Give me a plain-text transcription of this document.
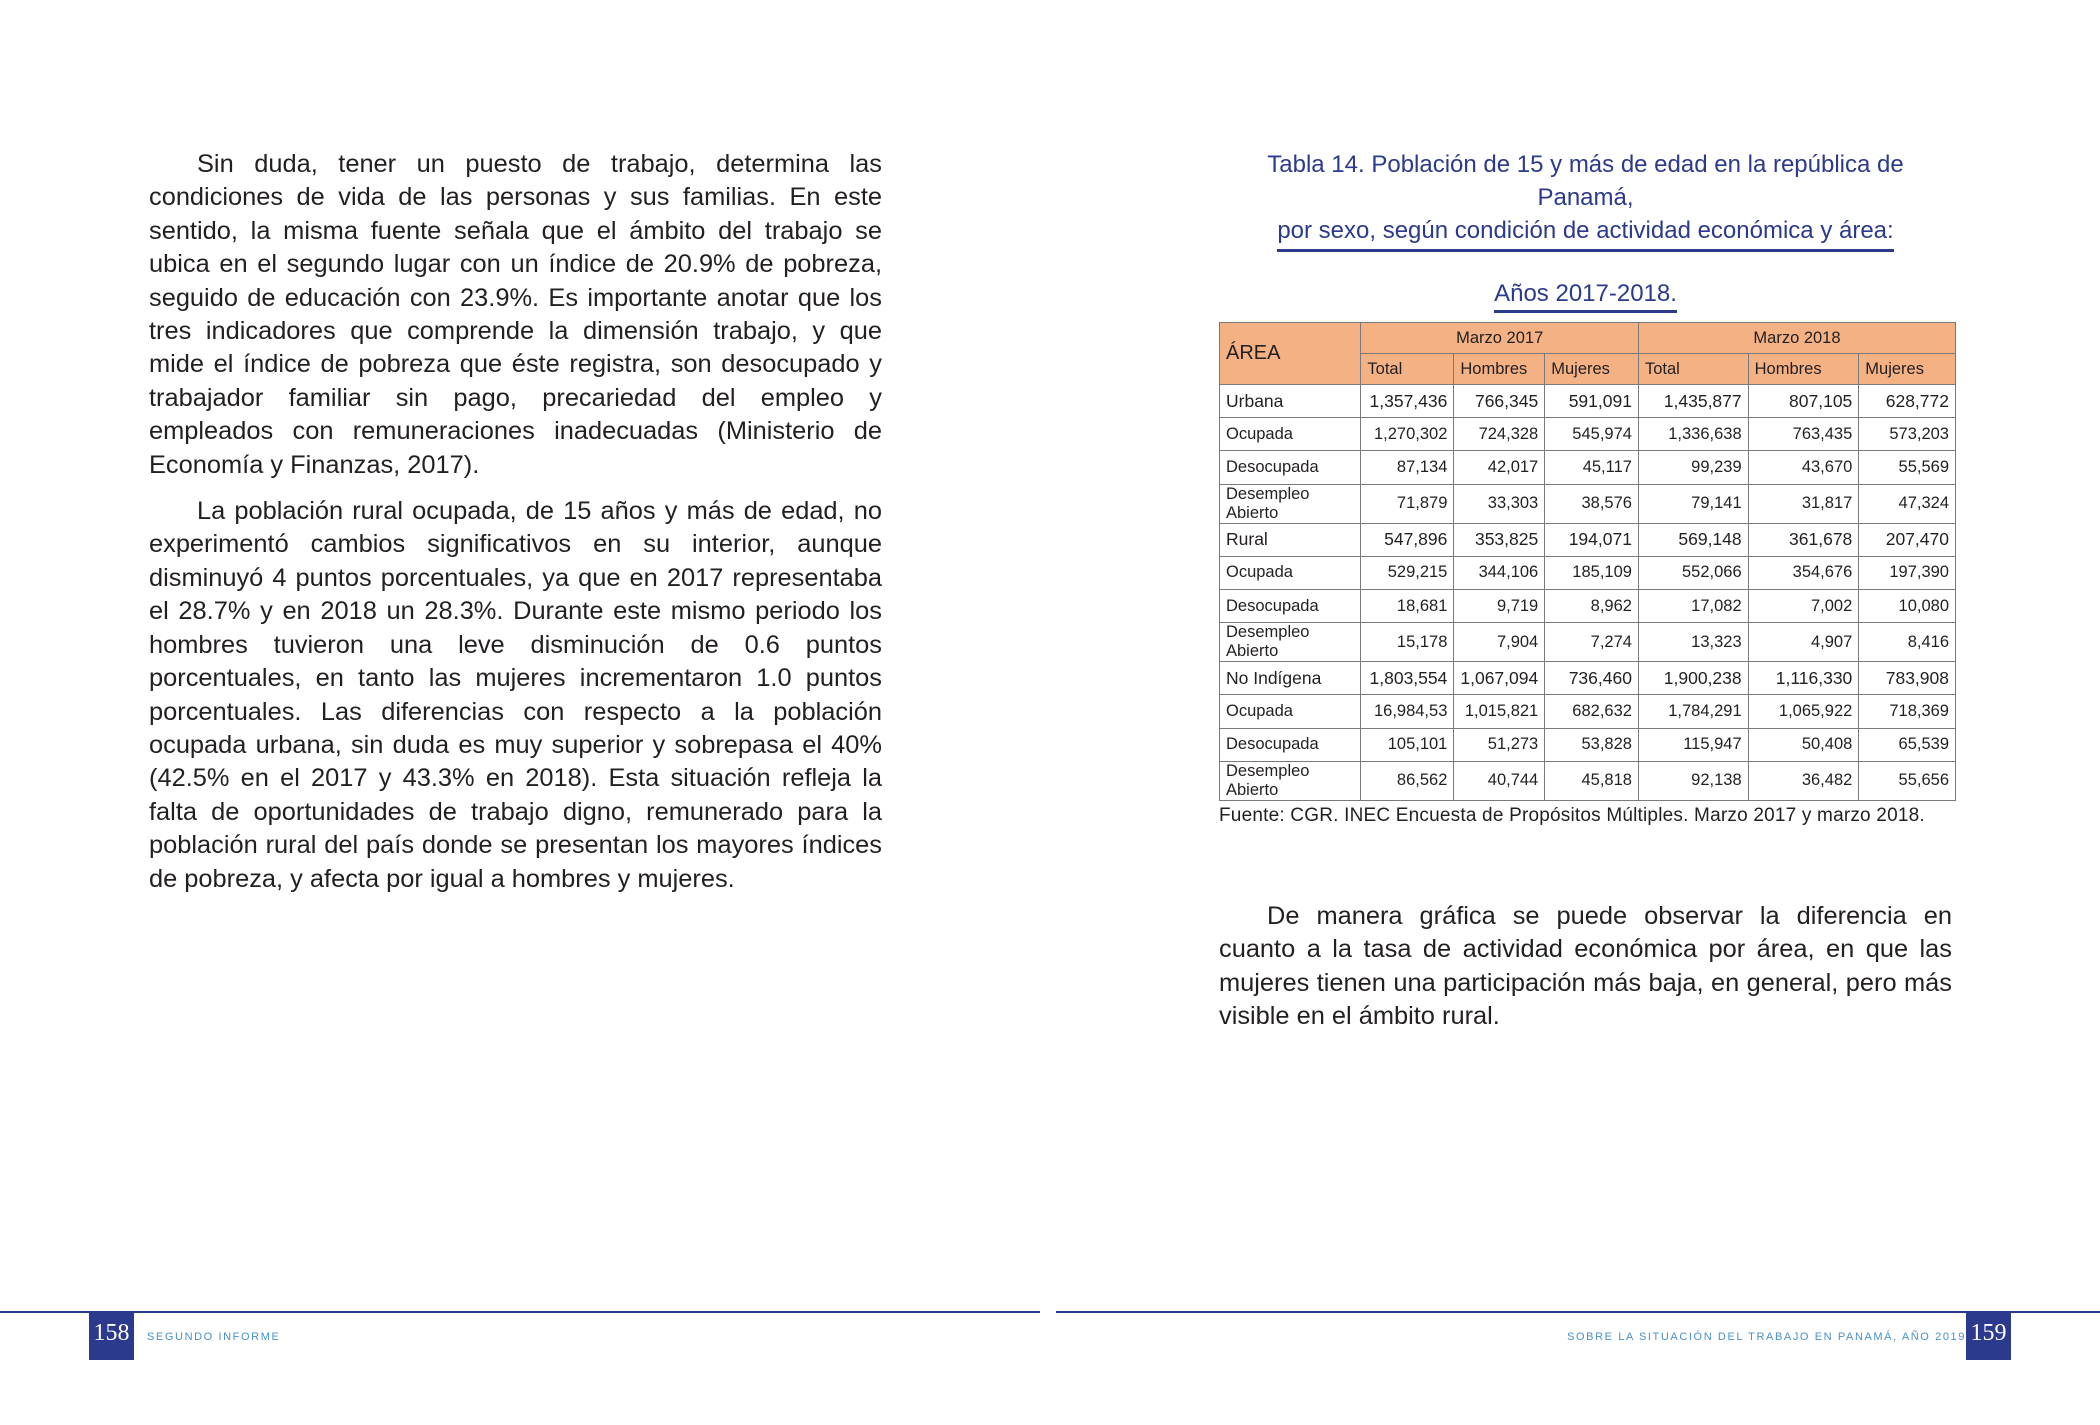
Sin duda, tener un puesto de trabajo, determina las condiciones de vida de las personas y sus familias. En este sentido, la misma fuente señala que el ámbito del trabajo se ubica en el segundo lugar con un índice de 20.9% de pobreza, seguido de educación con 23.9%. Es importante anotar que los tres indicadores que comprende la dimensión trabajo, y que mide el índice de pobreza que éste registra, son desocupado y trabajador familiar sin pago, precariedad del empleo y empleados con remuneraciones inadecuadas (Ministerio de Economía y Finanzas, 2017).

La población rural ocupada, de 15 años y más de edad, no experimentó cambios significativos en su interior, aunque disminuyó 4 puntos porcentuales, ya que en 2017 representaba el 28.7% y en 2018 un 28.3%. Durante este mismo periodo los hombres tuvieron una leve disminución de 0.6 puntos porcentuales, en tanto las mujeres incrementaron 1.0 puntos porcentuales. Las diferencias con respecto a la población ocupada urbana, sin duda es muy superior y sobrepasa el 40% (42.5% en el 2017 y 43.3% en 2018). Esta situación refleja la falta de oportunidades de trabajo digno, remunerado para la población rural del país donde se presentan los mayores índices de pobreza, y afecta por igual a hombres y mujeres.

Tabla 14. Población de 15 y más de edad en la república de Panamá,

por sexo, según condición de actividad económica y área:

Años 2017-2018.
ÁREA	Marzo 2017			Marzo 2018		
	Total	Hombres	Mujeres	Total	Hombres	Mujeres
Urbana	1,357,436	766,345	591,091	1,435,877	807,105	628,772
Ocupada	1,270,302	724,328	545,974	1,336,638	763,435	573,203
Desocupada	87,134	42,017	45,117	99,239	43,670	55,569
Desempleo Abierto	71,879	33,303	38,576	79,141	31,817	47,324
Rural	547,896	353,825	194,071	569,148	361,678	207,470
Ocupada	529,215	344,106	185,109	552,066	354,676	197,390
Desocupada	18,681	9,719	8,962	17,082	7,002	10,080
Desempleo Abierto	15,178	7,904	7,274	13,323	4,907	8,416
No Indígena	1,803,554	1,067,094	736,460	1,900,238	1,116,330	783,908
Ocupada	16,984,53	1,015,821	682,632	1,784,291	1,065,922	718,369
Desocupada	105,101	51,273	53,828	115,947	50,408	65,539
Desempleo Abierto	86,562	40,744	45,818	92,138	36,482	55,656
Fuente: CGR. INEC Encuesta de Propósitos Múltiples. Marzo 2017 y marzo 2018.

De manera gráfica se puede observar la diferencia en cuanto a la tasa de actividad económica por área, en que las mujeres tienen una participación más baja, en general, pero más visible en el ámbito rural.

158	SEGUNDO INFORME	SOBRE LA SITUACIÓN DEL TRABAJO EN PANAMÁ, AÑO 2019 159
